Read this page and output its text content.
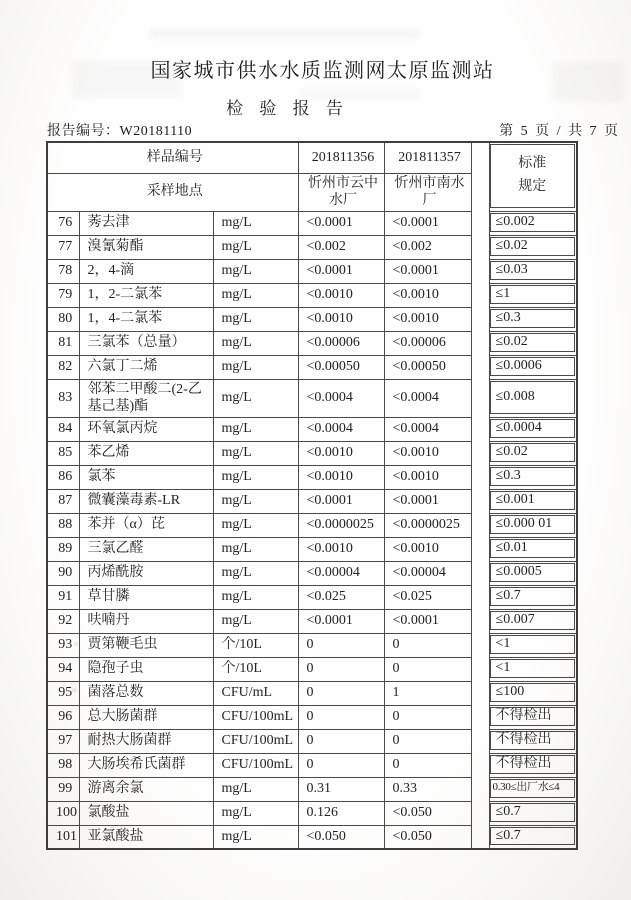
国家城市供水水质监测网太原监测站
检 验 报 告
报告编号：W20181110	第 5 页 / 共 7 页
样品编号			201811356	201811357		标准规定

采样地点			忻州市云中水厂	忻州市南水厂		
76	莠去津	mg/L	<0.0001	<0.0001		≤0.002

77	溴氰菊酯	mg/L	<0.002	<0.002		≤0.02

78	2，4-滴	mg/L	<0.0001	<0.0001		≤0.03

79	1，2-二氯苯	mg/L	<0.0010	<0.0010		≤1

80	1，4-二氯苯	mg/L	<0.0010	<0.0010		≤0.3

81	三氯苯（总量）	mg/L	<0.00006	<0.00006		≤0.02

82	六氯丁二烯	mg/L	<0.00050	<0.00050		≤0.0006

83	邻苯二甲酸二(2-乙基己基)酯	mg/L	<0.0004	<0.0004		≤0.008

84	环氧氯丙烷	mg/L	<0.0004	<0.0004		≤0.0004

85	苯乙烯	mg/L	<0.0010	<0.0010		≤0.02

86	氯苯	mg/L	<0.0010	<0.0010		≤0.3

87	微囊藻毒素-LR	mg/L	<0.0001	<0.0001		≤0.001

88	苯并（α）芘	mg/L	<0.0000025	<0.0000025		≤0.000 01

89	三氯乙醛	mg/L	<0.0010	<0.0010		≤0.01

90	丙烯酰胺	mg/L	<0.00004	<0.00004		≤0.0005

91	草甘膦	mg/L	<0.025	<0.025		≤0.7

92	呋喃丹	mg/L	<0.0001	<0.0001		≤0.007

93	贾第鞭毛虫	个/10L	0	0		<1

94	隐孢子虫	个/10L	0	0		<1

95	菌落总数	CFU/mL	0	1		≤100

96	总大肠菌群	CFU/100mL	0	0		不得检出

97	耐热大肠菌群	CFU/100mL	0	0		不得检出

98	大肠埃希氏菌群	CFU/100mL	0	0		不得检出

99	游离余氯	mg/L	0.31	0.33		0.30≤出厂水≤4

100	氯酸盐	mg/L	0.126	<0.050		≤0.7

101	亚氯酸盐	mg/L	<0.050	<0.050		≤0.7
